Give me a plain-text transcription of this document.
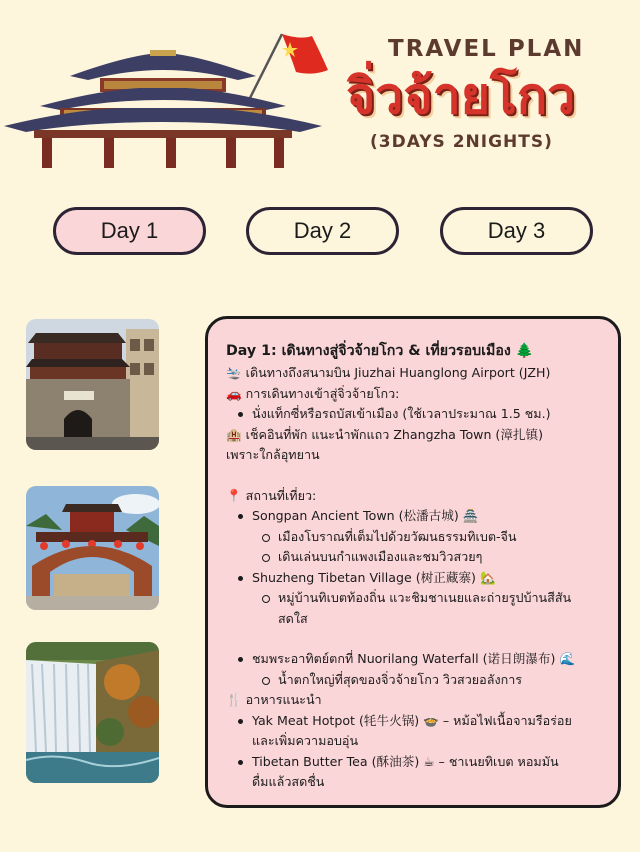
TRAVEL PLAN
จิ่วจ้ายโกว
(3DAYS 2NIGHTS)
Day 1	Day 2	Day 3
Day 1: เดินทางสู่จิ่วจ้ายโกว & เที่ยวรอบเมือง 🌲
🛬 เดินทางถึงสนามบิน Jiuzhai Huanglong Airport (JZH)
🚗 การเดินทางเข้าสู่จิ่วจ้ายโกว:
นั่งแท็กซี่หรือรถบัสเข้าเมือง (ใช้เวลาประมาณ 1.5 ชม.)
🏨 เช็คอินที่พัก แนะนำพักแถว Zhangzha Town (漳扎镇)
เพราะใกล้อุทยาน
📍 สถานที่เที่ยว:
Songpan Ancient Town (松潘古城) 🏯
เมืองโบราณที่เต็มไปด้วยวัฒนธรรมทิเบต-จีน
เดินเล่นบนกำแพงเมืองและชมวิวสวยๆ
Shuzheng Tibetan Village (树正藏寨) 🏡
หมู่บ้านทิเบตท้องถิ่น แวะชิมชาเนยและถ่ายรูปบ้านสีสัน
สดใส
ชมพระอาทิตย์ตกที่ Nuorilang Waterfall (诺日朗瀑布) 🌊
น้ำตกใหญ่ที่สุดของจิ่วจ้ายโกว วิวสวยอลังการ
🍴 อาหารแนะนำ
Yak Meat Hotpot (牦牛火锅) 🍲 – หม้อไฟเนื้อจามรีอร่อย
และเพิ่มความอบอุ่น
Tibetan Butter Tea (酥油茶) ☕ – ชาเนยทิเบต หอมมัน
ดื่มแล้วสดชื่น
